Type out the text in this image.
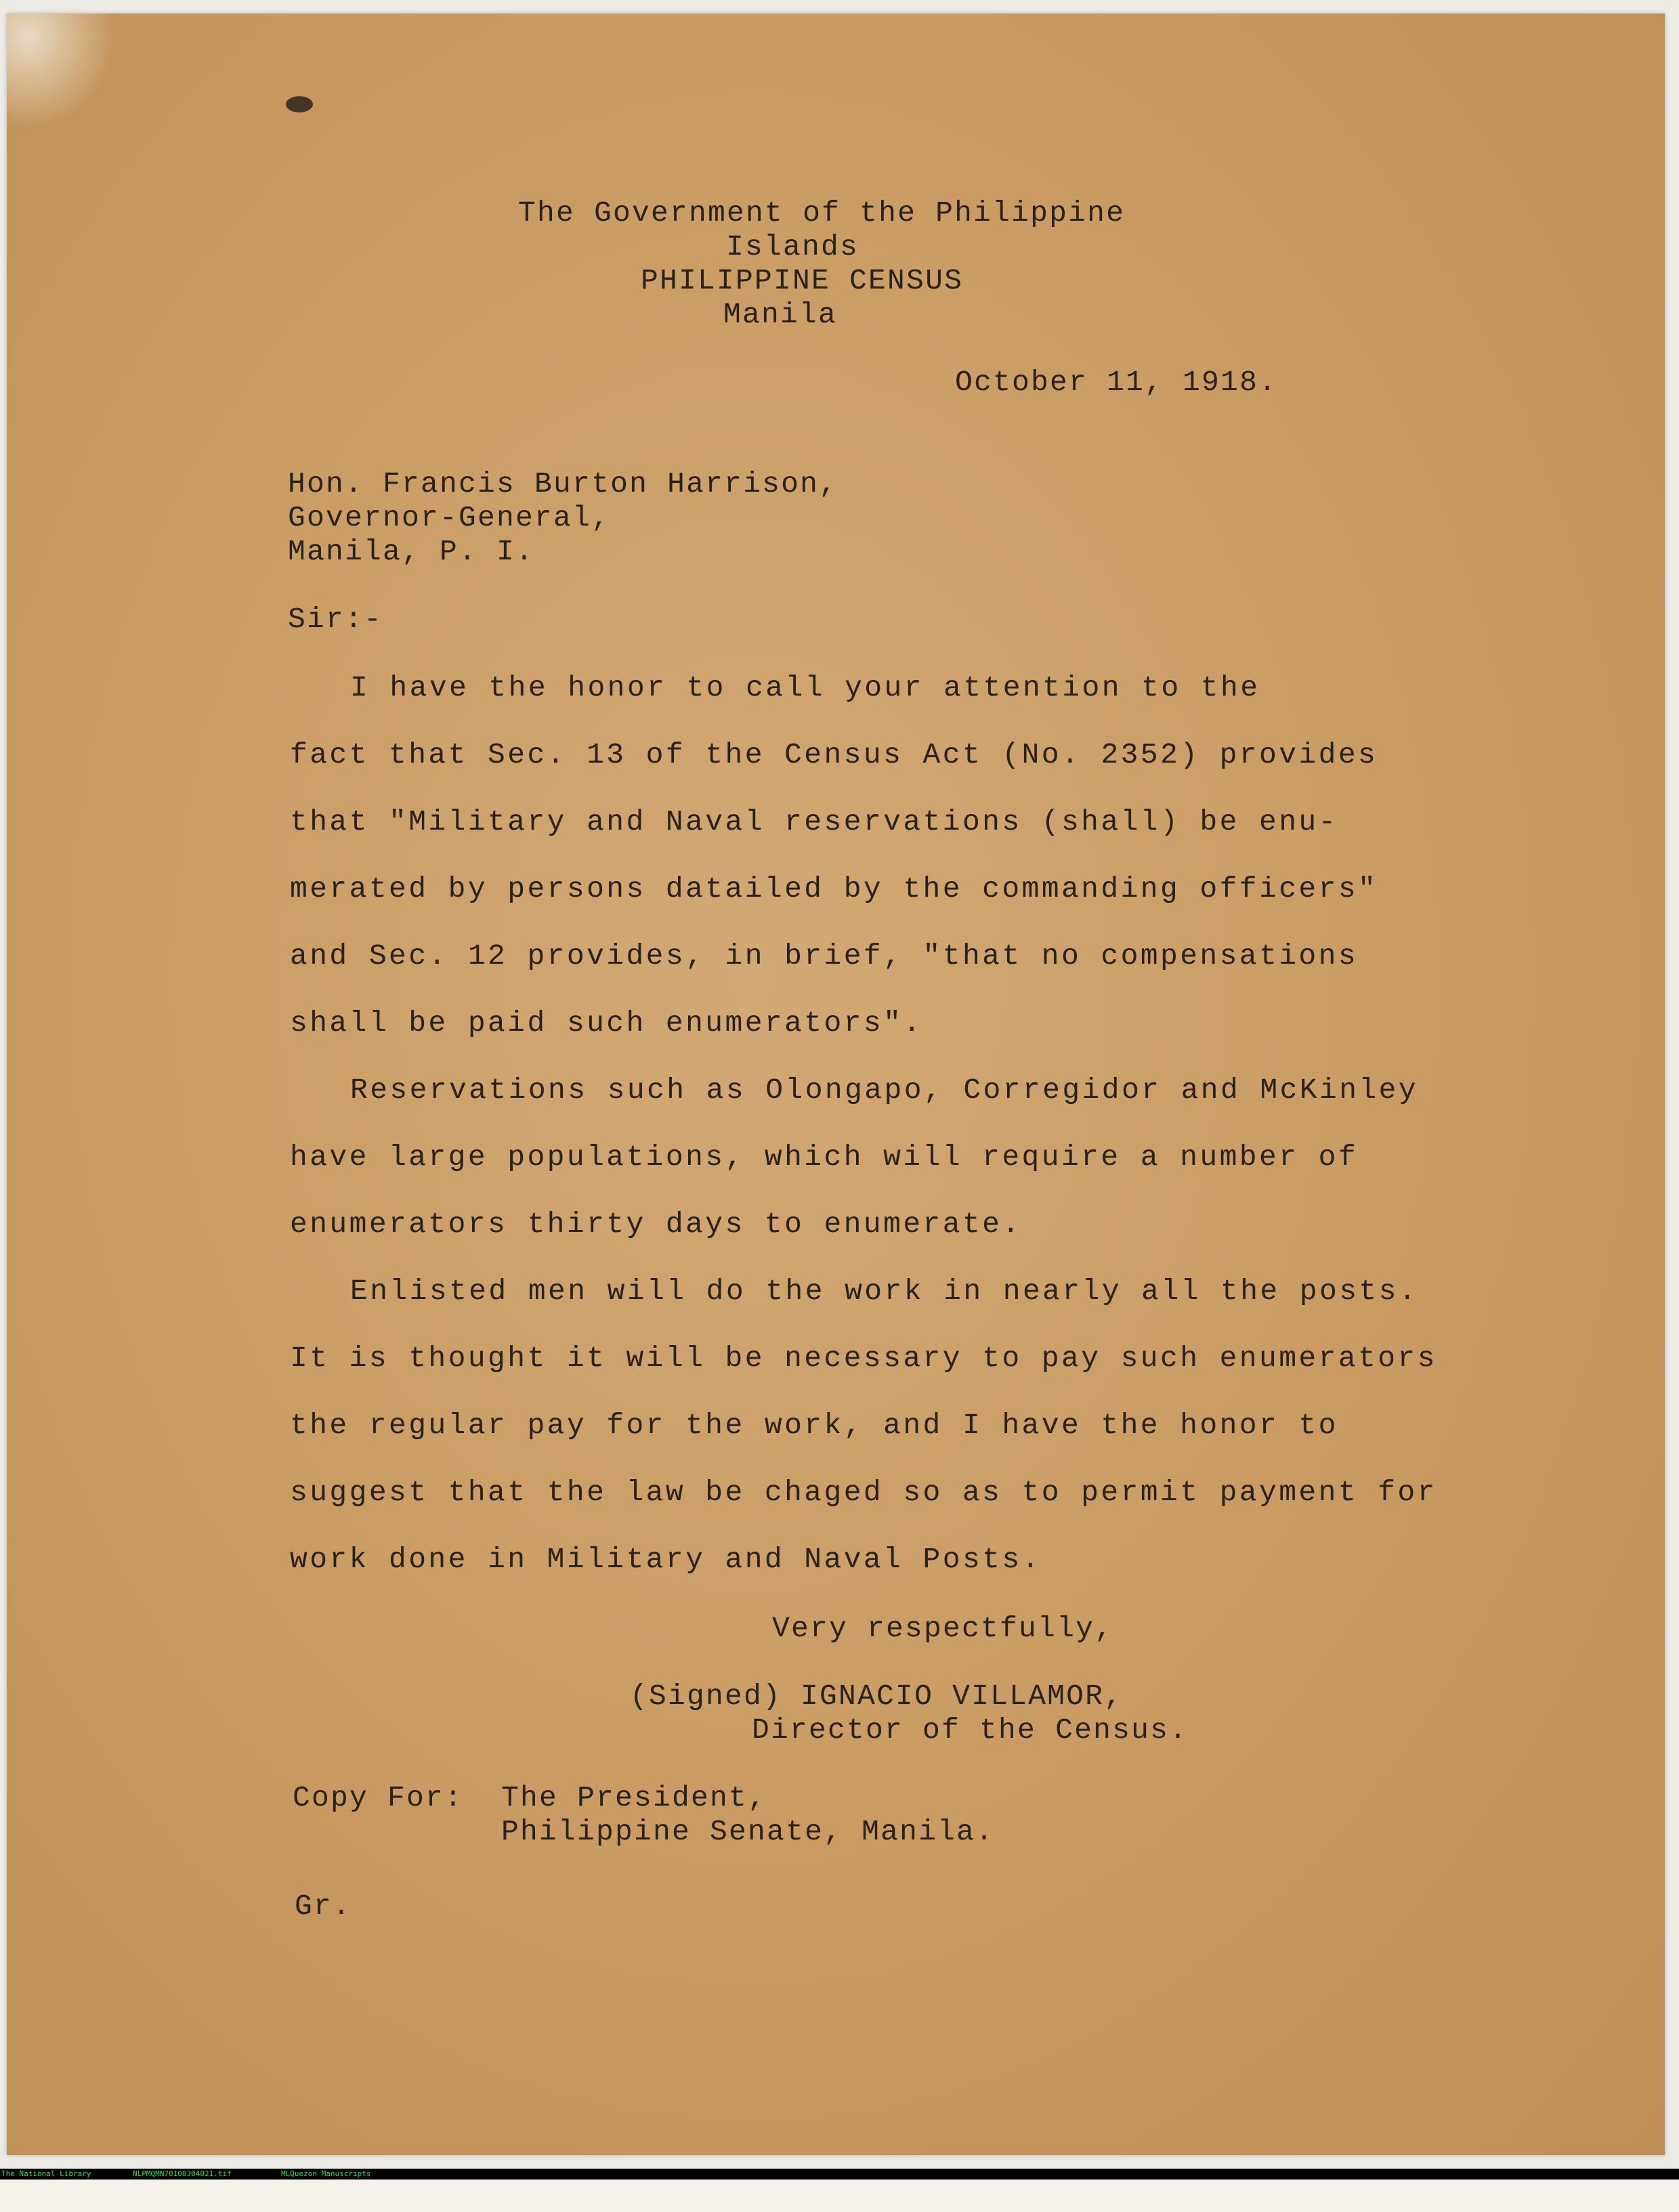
The Government of the Philippine

Islands

PHILIPPINE CENSUS

Manila

October 11, 1918.

Hon. Francis Burton Harrison,

Governor-General,

Manila, P. I.

Sir:-

I have the honor to call your attention to the

fact that Sec. 13 of the Census Act (No. 2352) provides

that "Military and Naval reservations (shall) be enu-

merated by persons datailed by the commanding officers"

and Sec. 12 provides, in brief, "that no compensations

shall be paid such enumerators".

Reservations such as Olongapo, Corregidor and McKinley

have large populations, which will require a number of

enumerators thirty days to enumerate.

Enlisted men will do the work in nearly all the posts.

It is thought it will be necessary to pay such enumerators

the regular pay for the work, and I have the honor to

suggest that the law be chaged so as to permit payment for

work done in Military and Naval Posts.

Very respectfully,

(Signed) IGNACIO VILLAMOR,

Director of the Census.

Copy For: The President,

Philippine Senate, Manila.

Gr.

The National Library

	NLPMQMN70100304021.tif

	MLQuezon Manuscripts
